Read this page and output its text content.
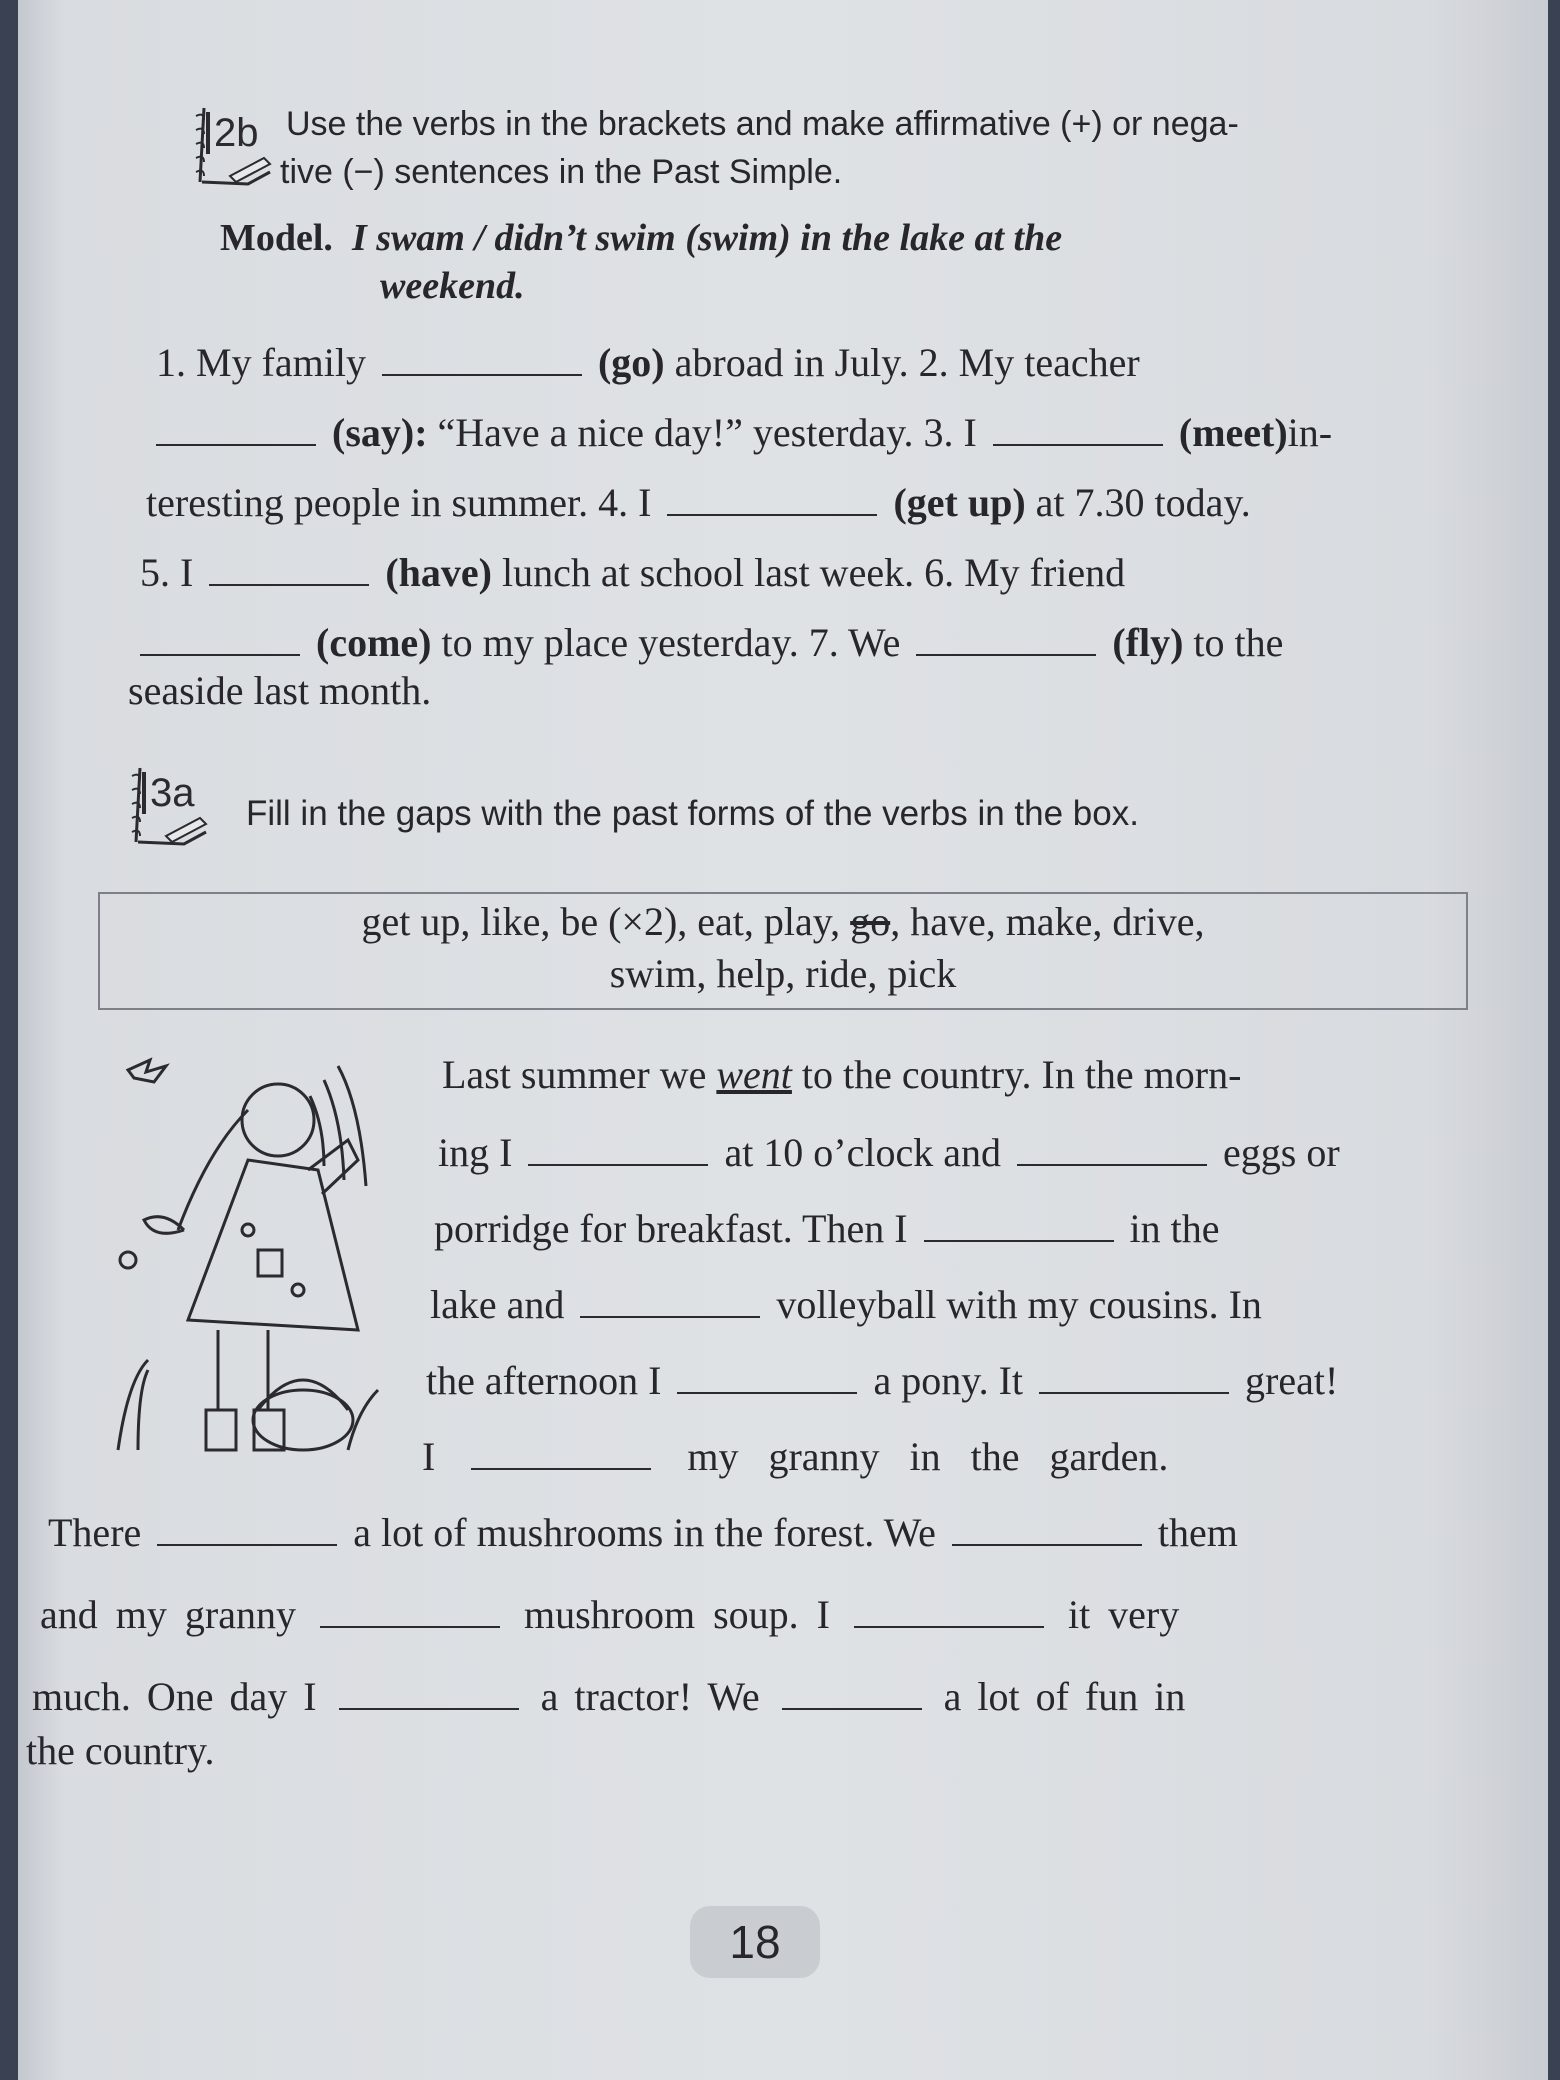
2b Use the verbs in the brackets and make affirmative (+) or nega-
tive (−) sentences in the Past Simple.
Model. I swam / didn’t swim (swim) in the lake at the
weekend.
1. My family	(go) abroad in July. 2. My teacher
(say): “Have a nice day!” yesterday. 3. I	(meet)in-
teresting people in summer. 4. I	(get up) at 7.30 today.
5. I	(have) lunch at school last week. 6. My friend
(come) to my place yesterday. 7. We	(fly) to the
seaside last month.
3a Fill in the gaps with the past forms of the verbs in the box.
get up, like, be (×2), eat, play, go, have, make, drive,
swim, help, ride, pick
Last summer we went to the country. In the morn-
ing I	at 10 o’clock and	eggs or
porridge for breakfast. Then I	in the
lake and	volleyball with my cousins. In
the afternoon I	a pony. It	great!
I	my granny in the garden.
There	a lot of mushrooms in the forest. We	them
and my granny	mushroom soup. I	it very
much. One day I	a tractor! We	a lot of fun in
the country.
18
